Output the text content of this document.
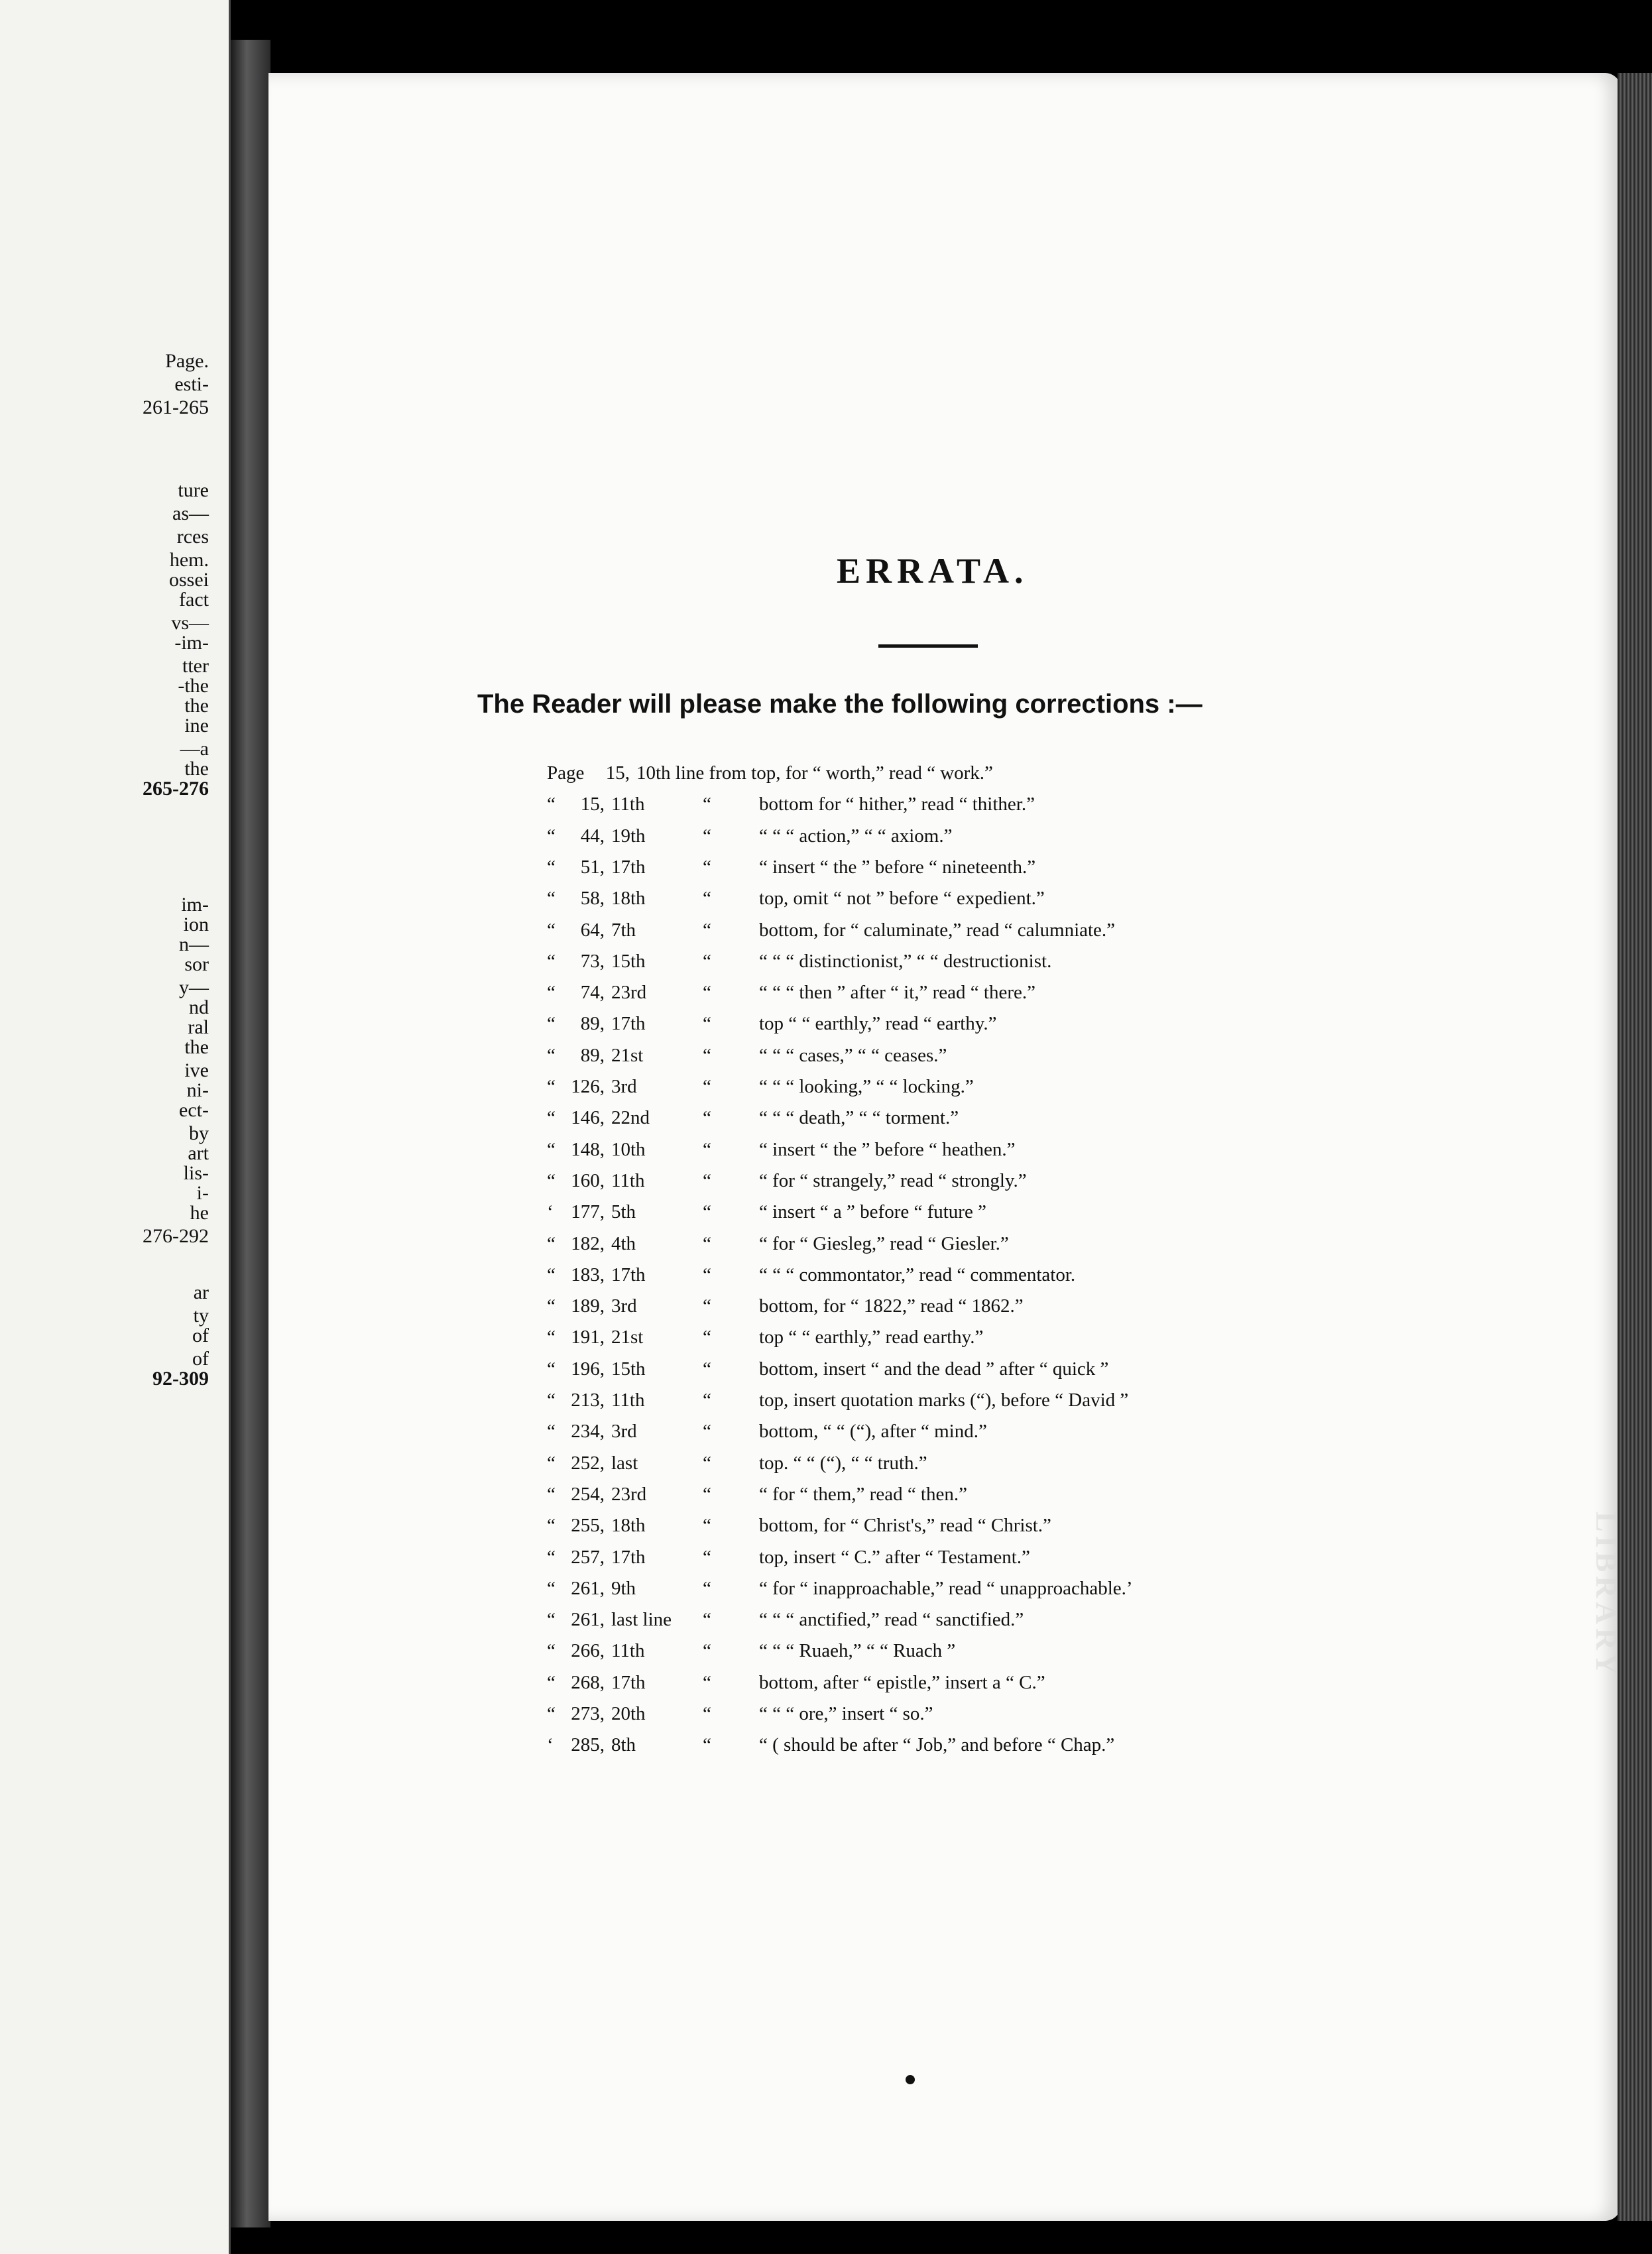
Page.
esti-
261-265
ture
as—
rces
hem.
ossei
fact
vs—
-im-
tter
-the
the
ine
—a
the
265-276
im-
ion
n—
sor
y—
nd
ral
the
ive
ni-
ect-
by
art
lis-
i-
he
276-292
ar
ty
of
of
92-309
LIBRARY
ERRATA.
The Reader will please make the following corrections :—
Page	15, 10th line from top, for “ worth,” read “ work.”
“	15, 11th	“ bottom for “ hither,” read “ thither.”
“	44, 19th	“ “ “ “ action,” “ “ axiom.”
“	51, 17th	“ “ insert “ the ” before “ nineteenth.”
“	58, 18th	“ top, omit “ not ” before “ expedient.”
“	64, 7th	“ bottom, for “ caluminate,” read “ calumniate.”
“	73, 15th	“ “ “ “ distinctionist,” “ “ destructionist.
“	74, 23rd	“ “ “ “ then ” after “ it,” read “ there.”
“	89, 17th	“ top “ “ earthly,” read “ earthy.”
“	89, 21st	“ “ “ “ cases,” “ “ ceases.”
“ 126, 3rd	“ “ “ “ looking,” “ “ locking.”
“ 146, 22nd	“ “ “ “ death,” “ “ torment.”
“ 148, 10th	“ “ insert “ the ” before “ heathen.”
“ 160, 11th	“ “ for “ strangely,” read “ strongly.”
‘ 177, 5th	“ “ insert “ a ” before “ future ”
“ 182, 4th	“ “ for “ Giesleg,” read “ Giesler.”
“ 183, 17th	“ “ “ “ commontator,” read “ commentator.
“ 189, 3rd	“ bottom, for “ 1822,” read “ 1862.”
“ 191, 21st	“ top “ “ earthly,” read earthy.”
“ 196, 15th	“ bottom, insert “ and the dead ” after “ quick ”
“ 213, 11th	“ top, insert quotation marks (“), before “ David ”
“ 234, 3rd	“ bottom, “ “ (“), after “ mind.”
“ 252, last	“ top. “ “ (“), “ “ truth.”
“ 254, 23rd	“ “ for “ them,” read “ then.”
“ 255, 18th	“ bottom, for “ Christ's,” read “ Christ.”
“ 257, 17th	“ top, insert “ C.” after “ Testament.”
“ 261, 9th	“ “ for “ inapproachable,” read “ unapproachable.’
“ 261, last line “ “ “ “ anctified,” read “ sanctified.”
“ 266, 11th	“ “ “ “ Ruaeh,” “ “ Ruach ”
“ 268, 17th	“ bottom, after “ epistle,” insert a “ C.”
“ 273, 20th	“ “ “ “ ore,” insert “ so.”
‘ 285, 8th	“ “ ( should be after “ Job,” and before “ Chap.”
